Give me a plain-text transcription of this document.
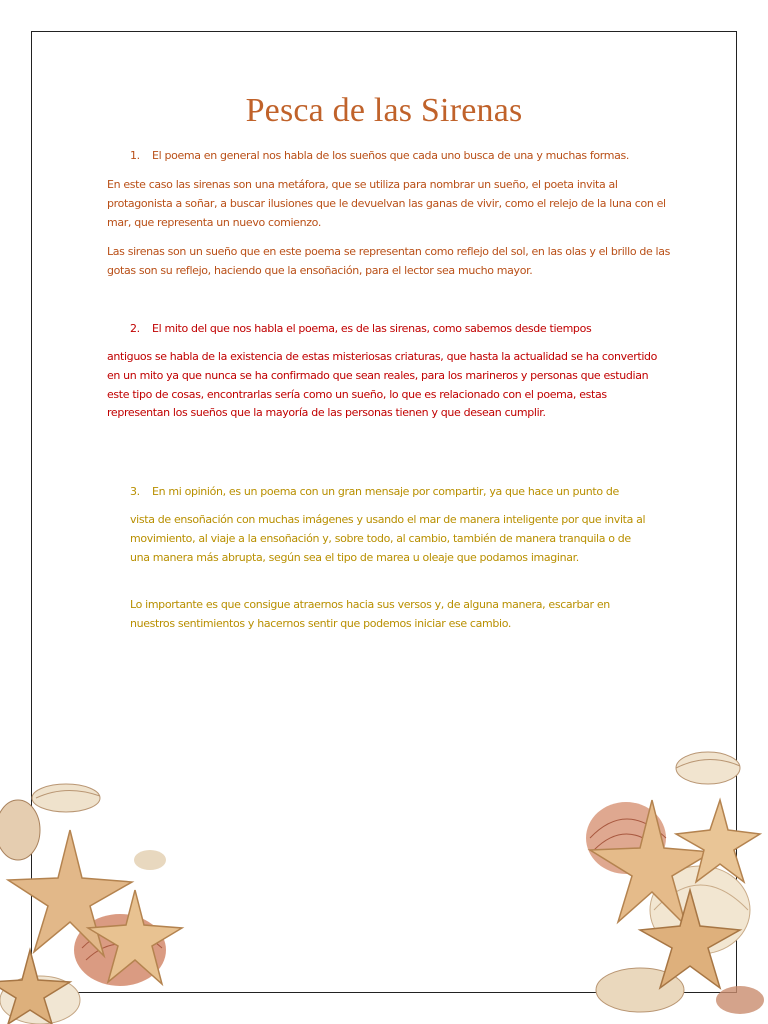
Pesca de las Sirenas

1. El poema en general nos habla de los sueños que cada uno busca de una y muchas formas.

En este caso las sirenas son una metáfora, que se utiliza para nombrar un sueño, el poeta invita al protagonista a soñar, a buscar ilusiones que le devuelvan las ganas de vivir, como el relejo de la luna con el mar, que representa un nuevo comienzo.

Las sirenas son un sueño que en este poema se representan como reflejo del sol, en las olas y el brillo de las gotas son su reflejo, haciendo que la ensoñación, para el lector sea mucho mayor.

2. El mito del que nos habla el poema, es de las sirenas, como sabemos desde tiempos

antiguos se habla de la existencia de estas misteriosas criaturas, que hasta la actualidad se ha convertido en un mito ya que nunca se ha confirmado que sean reales, para los marineros y personas que estudian este tipo de cosas, encontrarlas sería como un sueño, lo que es relacionado con el poema, estas representan los sueños que la mayoría de las personas tienen y que desean cumplir.

3. En mi opinión, es un poema con un gran mensaje por compartir, ya que hace un punto de

vista de ensoñación con muchas imágenes y usando el mar de manera inteligente por que invita al movimiento, al viaje a la ensoñación y, sobre todo, al cambio, también de manera tranquila o de una manera más abrupta, según sea el tipo de marea u oleaje que podamos imaginar.

Lo importante es que consigue atraernos hacia sus versos y, de alguna manera, escarbar en nuestros sentimientos y hacernos sentir que podemos iniciar ese cambio.
